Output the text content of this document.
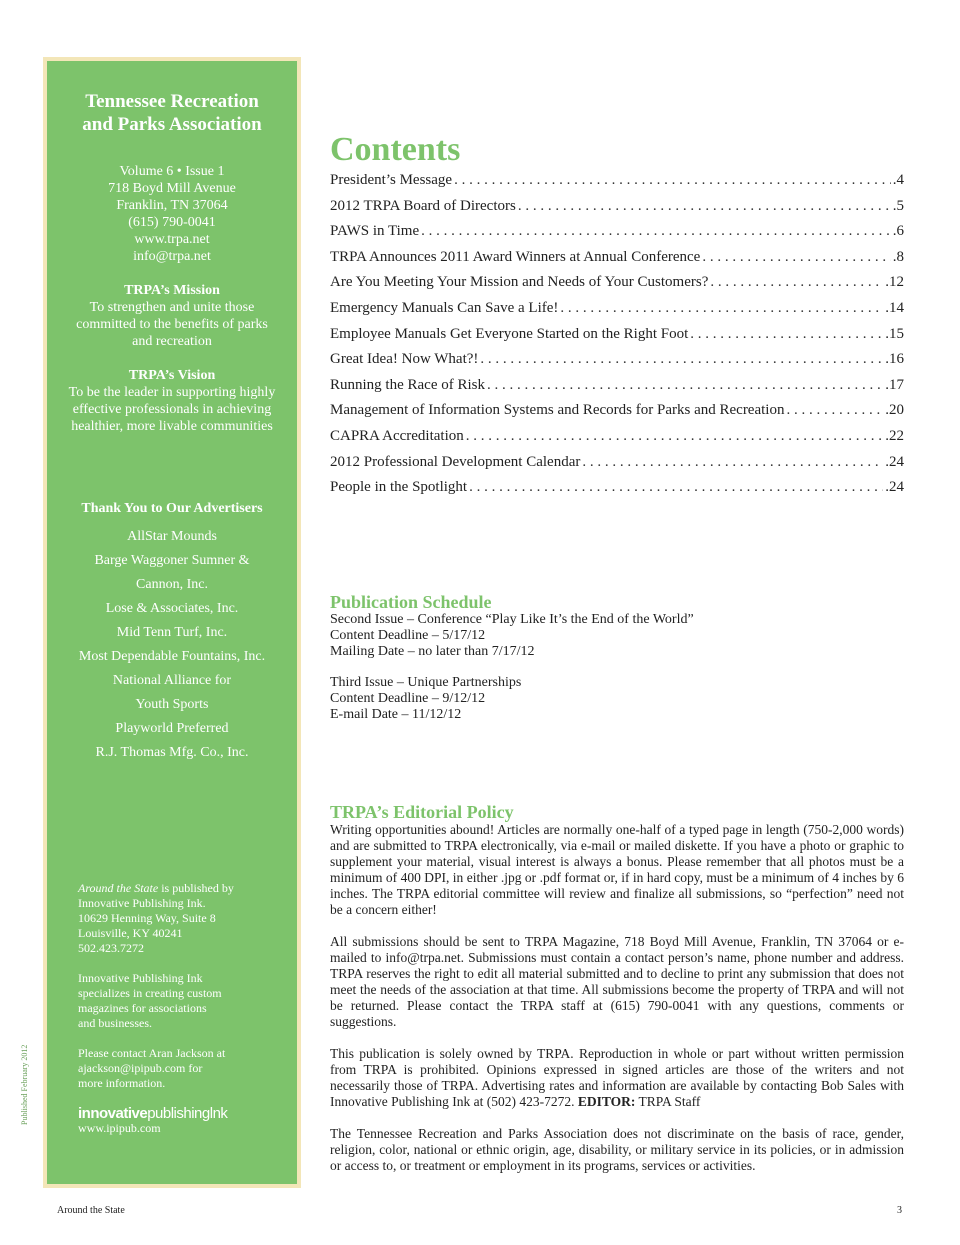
Tennessee Recreation
and Parks Association
Volume 6 • Issue 1
718 Boyd Mill Avenue
Franklin, TN 37064
(615) 790-0041
www.trpa.net
info@trpa.net
TRPA’s Mission
To strengthen and unite those committed to the benefits of parks and recreation
TRPA’s Vision
To be the leader in supporting highly effective professionals in achieving healthier, more livable communities
Thank You to Our Advertisers
AllStar Mounds
Barge Waggoner Sumner &
Cannon, Inc.
Lose & Associates, Inc.
Mid Tenn Turf, Inc.
Most Dependable Fountains, Inc.
National Alliance for
Youth Sports
Playworld Preferred
R.J. Thomas Mfg. Co., Inc.

Around the State is published by
Innovative Publishing Ink.
10629 Henning Way, Suite 8
Louisville, KY 40241
502.423.7272

Innovative Publishing Ink
specializes in creating custom
magazines for associations
and businesses.

Please contact Aran Jackson at
ajackson@ipipub.com for
more information.

innovativepublishinglnk
www.ipipub.com
Published February 2012
Contents
President’s Message . . .	.4
2012 TRPA Board of Directors . . .	.5
PAWS in Time . . .	.6
TRPA Announces 2011 Award Winners at Annual Conference . . .	.8
Are You Meeting Your Mission and Needs of Your Customers? . . .	.12
Emergency Manuals Can Save a Life! . . .	.14
Employee Manuals Get Everyone Started on the Right Foot . . .	.15
Great Idea! Now What?! . . .	.16
Running the Race of Risk . . .	.17
Management of Information Systems and Records for Parks and Recreation . . .	.20
CAPRA Accreditation . . .	.22
2012 Professional Development Calendar . . .	.24
People in the Spotlight . . .	.24
Publication Schedule
Second Issue – Conference “Play Like It’s the End of the World”
Content Deadline – 5/17/12
Mailing Date – no later than 7/17/12
Third Issue – Unique Partnerships
Content Deadline – 9/12/12
E-mail Date – 11/12/12
TRPA’s Editorial Policy

Writing opportunities abound! Articles are normally one-half of a typed page in length (750-2,000 words) and are submitted to TRPA electronically, via e-mail or mailed diskette. If you have a photo or graphic to supplement your material, visual interest is always a bonus. Please remember that all photos must be a minimum of 400 DPI, in either .jpg or .pdf format or, if in hard copy, must be a minimum of 4 inches by 6 inches. The TRPA editorial committee will review and finalize all submissions, so “perfection” need not be a concern either!

All submissions should be sent to TRPA Magazine, 718 Boyd Mill Avenue, Franklin, TN 37064 or e-mailed to info@trpa.net. Submissions must contain a contact person’s name, phone number and address. TRPA reserves the right to edit all material submitted and to decline to print any submission that does not meet the needs of the association at that time. All submissions become the property of TRPA and will not be returned. Please contact the TRPA staff at (615) 790-0041 with any questions, comments or suggestions.

This publication is solely owned by TRPA. Reproduction in whole or part without written permission from TRPA is prohibited. Opinions expressed in signed articles are those of the writers and not necessarily those of TRPA. Advertising rates and information are available by contacting Bob Sales with Innovative Publishing Ink at (502) 423-7272. EDITOR: TRPA Staff

The Tennessee Recreation and Parks Association does not discriminate on the basis of race, gender, religion, color, national or ethnic origin, age, disability, or military service in its policies, or in admission or access to, or treatment or employment in its programs, services or activities.

Around the State	3
